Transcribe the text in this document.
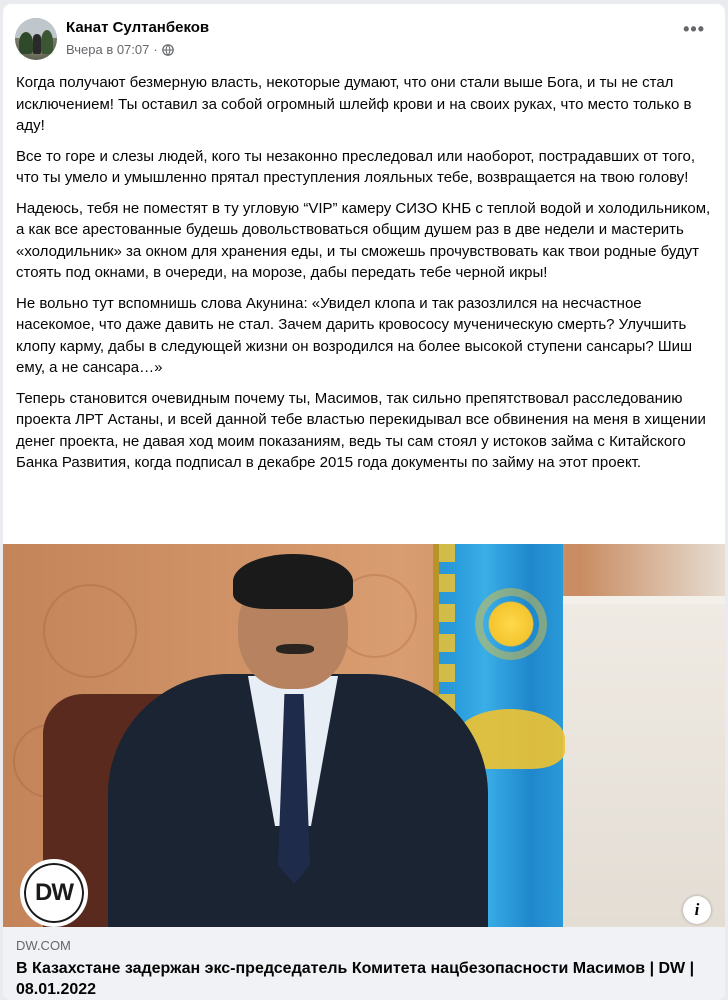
Канат Султанбеков
Вчера в 07:07 ·
•••

Когда получают безмерную власть, некоторые думают, что они стали выше Бога, и ты не стал исключением! Ты оставил за собой огромный шлейф крови и на своих руках, что место только в аду!

Все то горе и слезы людей, кого ты незаконно преследовал или наоборот, пострадавших от того, что ты умело и умышленно прятал преступления лояльных тебе, возвращается на твою голову!

Надеюсь, тебя не поместят в ту угловую “VIP” камеру СИЗО КНБ с теплой водой и холодильником, а как все арестованные будешь довольствоваться общим душем раз в две недели и мастерить «холодильник» за окном для хранения еды, и ты сможешь прочувствовать как твои родные будут стоять под окнами, в очереди, на морозе, дабы передать тебе черной икры!

Не вольно тут вспомнишь слова Акунина: «Увидел клопа и так разозлился на несчастное насекомое, что даже давить не стал. Зачем дарить кровососу мученическую смерть? Улучшить клопу карму, дабы в следующей жизни он возродился на более высокой ступени сансары? Шиш ему, а не сансара…»

Теперь становится очевидным почему ты, Масимов, так сильно препятствовал расследованию проекта ЛРТ Астаны, и всей данной тебе властью перекидывал все обвинения на меня в хищении денег проекта, не давая ход моим показаниям, ведь ты сам стоял у истоков займа с Китайского Банка Развития, когда подписал в декабре 2015 года документы по займу на этот проект.

DW
DW.COM
В Казахстане задержан экс-председатель Комитета нацбезопасности Масимов | DW | 08.01.2022
i
